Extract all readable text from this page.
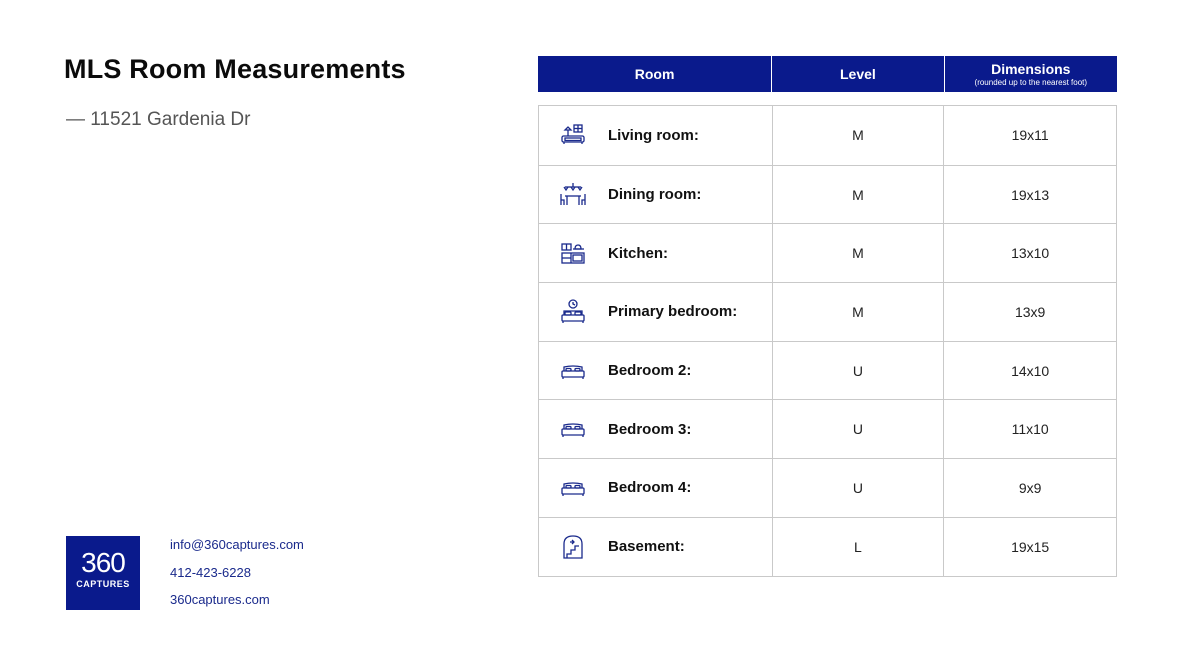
MLS Room Measurements

— 11521 Gardenia Dr

360
CAPTURES
info@360captures.com
412-423-6228
360captures.com
Room	Level	Dimensions
(rounded up to the nearest foot)
Living room:	M	19x11
Dining room:	M	19x13
Kitchen:	M	13x10
Primary bedroom:	M	13x9
Bedroom 2:	U	14x10
Bedroom 3:	U	11x10
Bedroom 4:	U	9x9
Basement:	L	19x15
